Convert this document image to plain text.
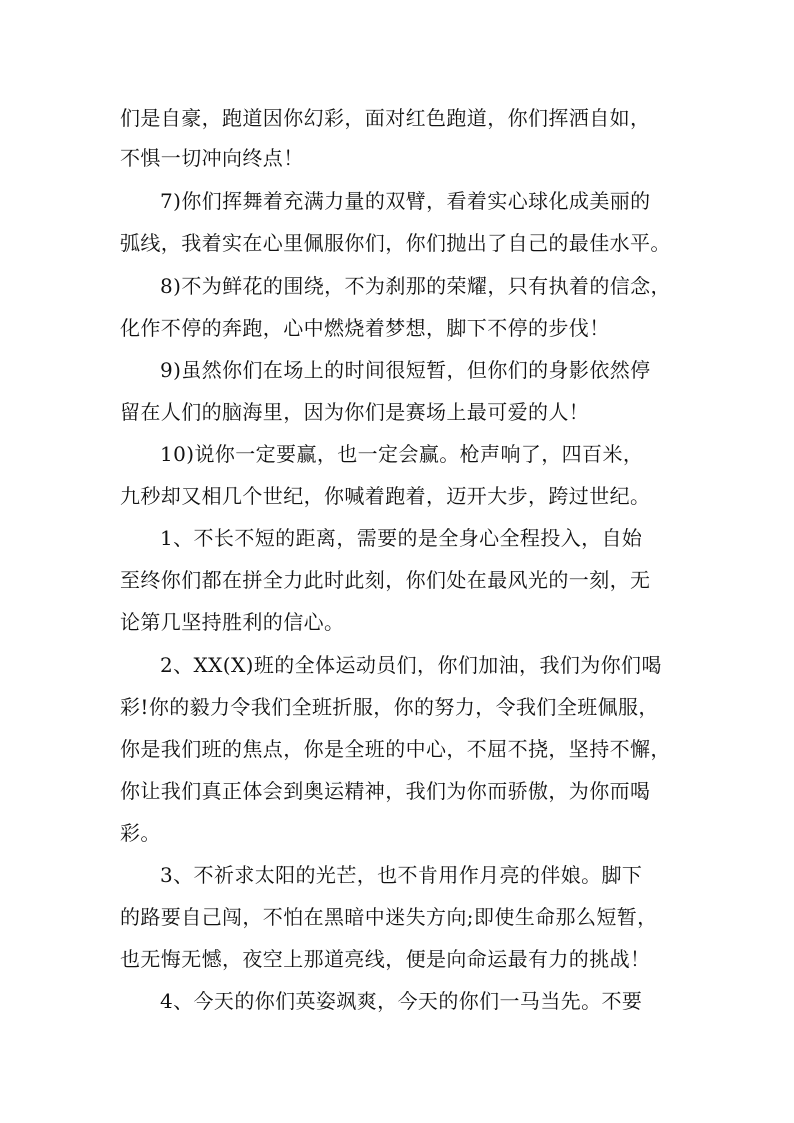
们是自豪，跑道因你幻彩，面对红色跑道，你们挥洒自如，
不惧一切冲向终点！
7)你们挥舞着充满力量的双臂，看着实心球化成美丽的
弧线，我着实在心里佩服你们，你们抛出了自己的最佳水平。
8)不为鲜花的围绕，不为刹那的荣耀，只有执着的信念，
化作不停的奔跑，心中燃烧着梦想，脚下不停的步伐！
9)虽然你们在场上的时间很短暂，但你们的身影依然停
留在人们的脑海里，因为你们是赛场上最可爱的人！
10)说你一定要赢，也一定会赢。枪声响了，四百米，
九秒却又相几个世纪，你喊着跑着，迈开大步，跨过世纪。
1、不长不短的距离，需要的是全身心全程投入，自始
至终你们都在拼全力此时此刻，你们处在最风光的一刻，无
论第几坚持胜利的信心。
2、XX(X)班的全体运动员们，你们加油，我们为你们喝
彩!你的毅力令我们全班折服，你的努力，令我们全班佩服，
你是我们班的焦点，你是全班的中心，不屈不挠，坚持不懈，
你让我们真正体会到奥运精神，我们为你而骄傲，为你而喝
彩。
3、不祈求太阳的光芒，也不肯用作月亮的伴娘。脚下
的路要自己闯，不怕在黑暗中迷失方向;即使生命那么短暂，
也无悔无憾，夜空上那道亮线，便是向命运最有力的挑战！
4、今天的你们英姿飒爽，今天的你们一马当先。不要
